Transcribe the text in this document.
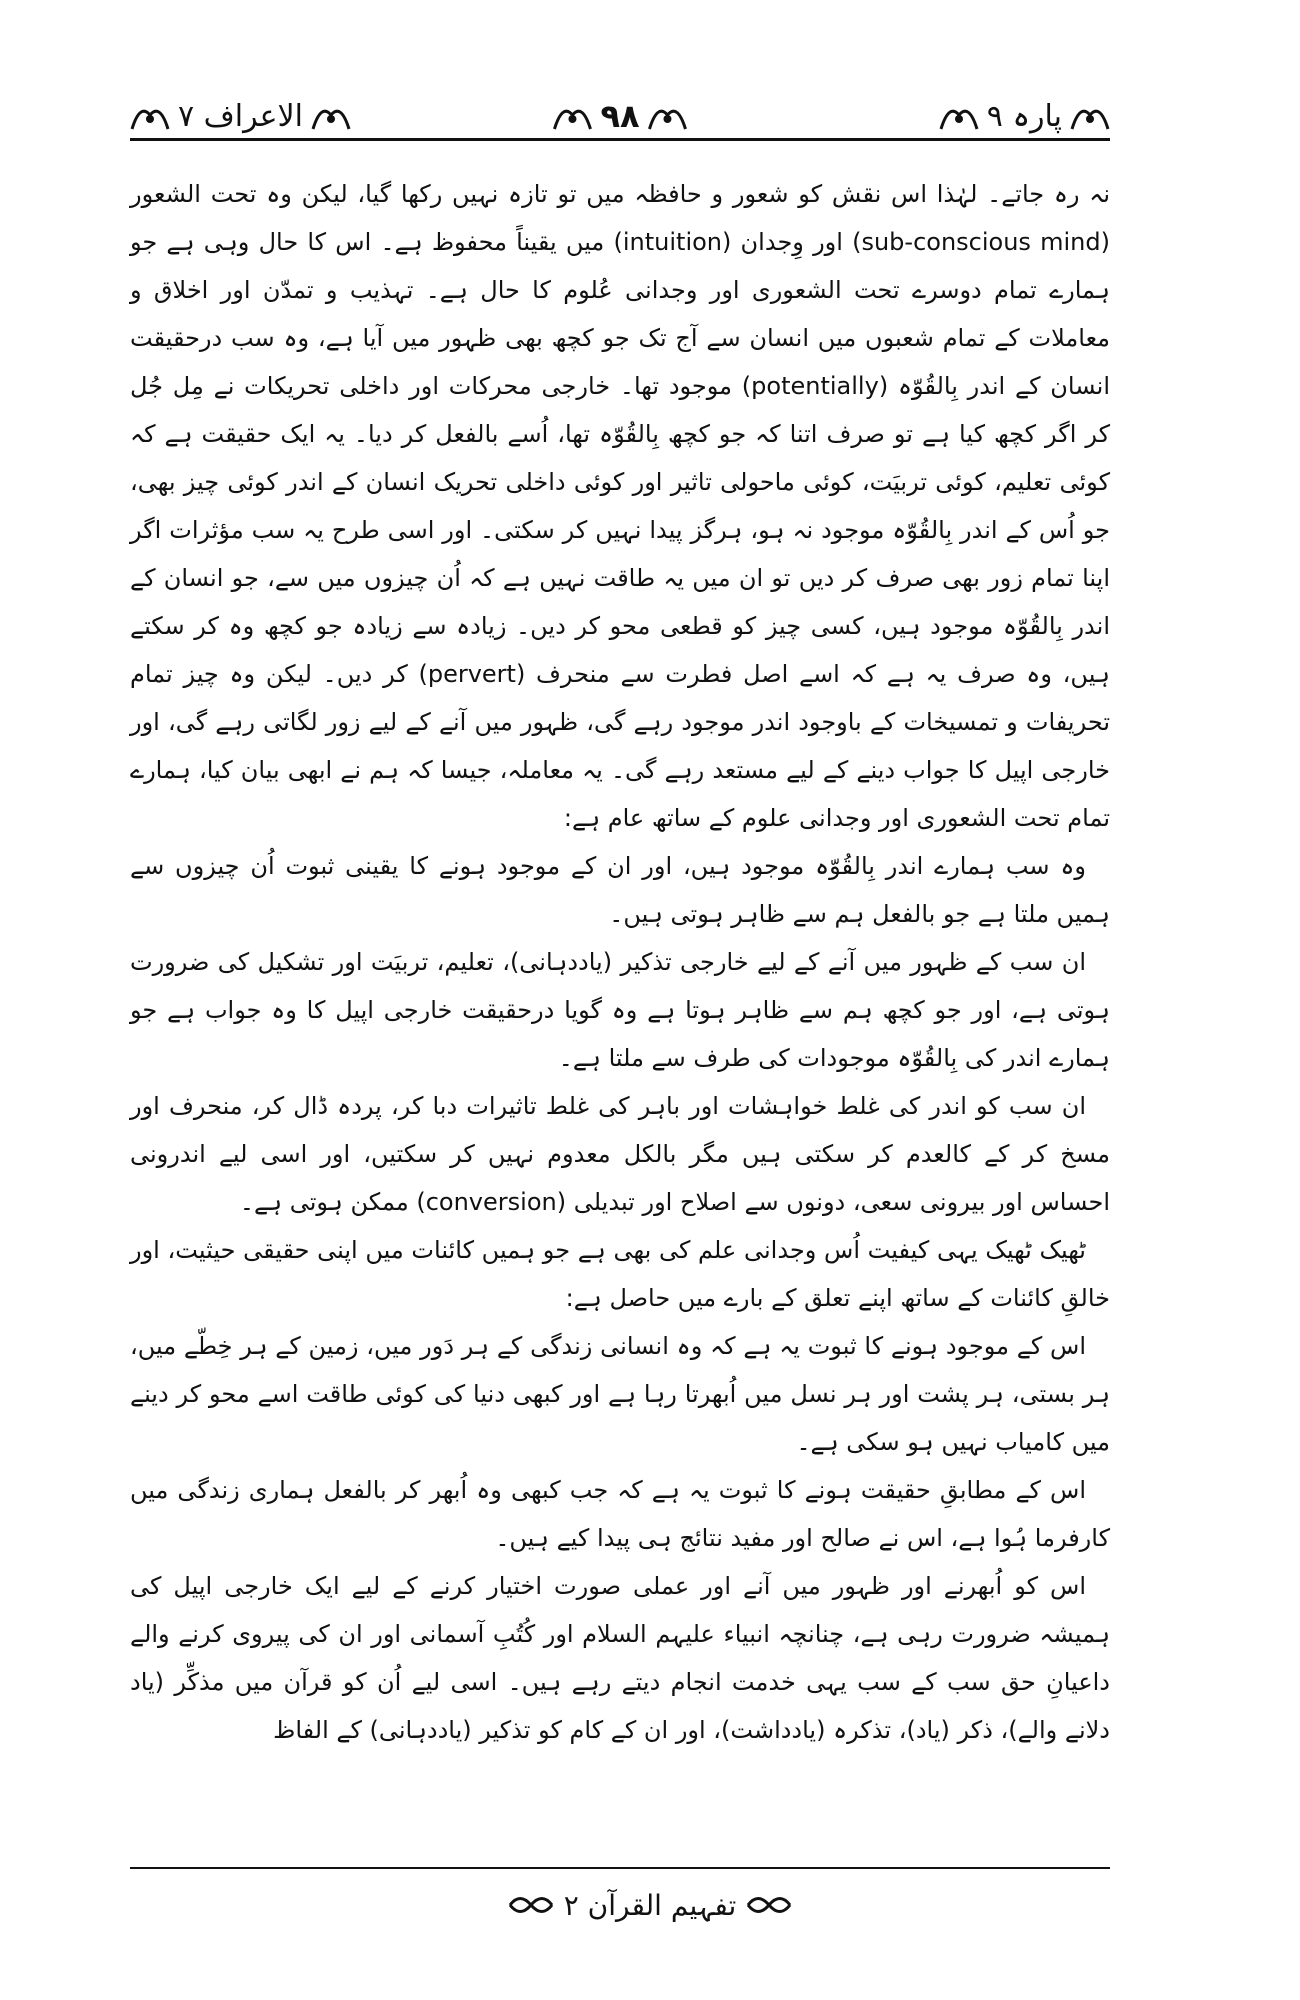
پارہ ۹
۹۸
الاعراف ۷

نہ رہ جاتے۔ لہٰذا اس نقش کو شعور و حافظہ میں تو تازہ نہیں رکھا گیا، لیکن وہ تحت الشعور (sub-conscious mind) اور وِجدان (intuition) میں یقیناً محفوظ ہے۔ اس کا حال وہی ہے جو ہمارے تمام دوسرے تحت الشعوری اور وجدانی عُلوم کا حال ہے۔ تہذیب و تمدّن اور اخلاق و معاملات کے تمام شعبوں میں انسان سے آج تک جو کچھ بھی ظہور میں آیا ہے، وہ سب درحقیقت انسان کے اندر بِالقُوّہ (potentially) موجود تھا۔ خارجی محرکات اور داخلی تحریکات نے مِل جُل کر اگر کچھ کیا ہے تو صرف اتنا کہ جو کچھ بِالقُوّہ تھا، اُسے بالفعل کر دیا۔ یہ ایک حقیقت ہے کہ کوئی تعلیم، کوئی تربیَت، کوئی ماحولی تاثیر اور کوئی داخلی تحریک انسان کے اندر کوئی چیز بھی، جو اُس کے اندر بِالقُوّہ موجود نہ ہو، ہرگز پیدا نہیں کر سکتی۔ اور اسی طرح یہ سب مؤثرات اگر اپنا تمام زور بھی صرف کر دیں تو ان میں یہ طاقت نہیں ہے کہ اُن چیزوں میں سے، جو انسان کے اندر بِالقُوّہ موجود ہیں، کسی چیز کو قطعی محو کر دیں۔ زیادہ سے زیادہ جو کچھ وہ کر سکتے ہیں، وہ صرف یہ ہے کہ اسے اصل فطرت سے منحرف (pervert) کر دیں۔ لیکن وہ چیز تمام تحریفات و تمسیخات کے باوجود اندر موجود رہے گی، ظہور میں آنے کے لیے زور لگاتی رہے گی، اور خارجی اپیل کا جواب دینے کے لیے مستعد رہے گی۔ یہ معاملہ، جیسا کہ ہم نے ابھی بیان کیا، ہمارے تمام تحت الشعوری اور وجدانی علوم کے ساتھ عام ہے:

وہ سب ہمارے اندر بِالقُوّہ موجود ہیں، اور ان کے موجود ہونے کا یقینی ثبوت اُن چیزوں سے ہمیں ملتا ہے جو بالفعل ہم سے ظاہر ہوتی ہیں۔

ان سب کے ظہور میں آنے کے لیے خارجی تذکیر (یاددہانی)، تعلیم، تربیَت اور تشکیل کی ضرورت ہوتی ہے، اور جو کچھ ہم سے ظاہر ہوتا ہے وہ گویا درحقیقت خارجی اپیل کا وہ جواب ہے جو ہمارے اندر کی بِالقُوّہ موجودات کی طرف سے ملتا ہے۔

ان سب کو اندر کی غلط خواہشات اور باہر کی غلط تاثیرات دبا کر، پردہ ڈال کر، منحرف اور مسخ کر کے کالعدم کر سکتی ہیں مگر بالکل معدوم نہیں کر سکتیں، اور اسی لیے اندرونی احساس اور بیرونی سعی، دونوں سے اصلاح اور تبدیلی (conversion) ممکن ہوتی ہے۔

ٹھیک ٹھیک یہی کیفیت اُس وجدانی علم کی بھی ہے جو ہمیں کائنات میں اپنی حقیقی حیثیت، اور خالقِ کائنات کے ساتھ اپنے تعلق کے بارے میں حاصل ہے:

اس کے موجود ہونے کا ثبوت یہ ہے کہ وہ انسانی زندگی کے ہر دَور میں، زمین کے ہر خِطّے میں، ہر بستی، ہر پشت اور ہر نسل میں اُبھرتا رہا ہے اور کبھی دنیا کی کوئی طاقت اسے محو کر دینے میں کامیاب نہیں ہو سکی ہے۔

اس کے مطابقِ حقیقت ہونے کا ثبوت یہ ہے کہ جب کبھی وہ اُبھر کر بالفعل ہماری زندگی میں کارفرما ہُوا ہے، اس نے صالح اور مفید نتائج ہی پیدا کیے ہیں۔

اس کو اُبھرنے اور ظہور میں آنے اور عملی صورت اختیار کرنے کے لیے ایک خارجی اپیل کی ہمیشہ ضرورت رہی ہے، چنانچہ انبیاء علیہم السلام اور کُتُبِ آسمانی اور ان کی پیروی کرنے والے داعیانِ حق سب کے سب یہی خدمت انجام دیتے رہے ہیں۔ اسی لیے اُن کو قرآن میں مذکِّر (یاد دلانے والے)، ذکر (یاد)، تذکرہ (یادداشت)، اور ان کے کام کو تذکیر (یاددہانی) کے الفاظ

تفہیم القرآن ۲
